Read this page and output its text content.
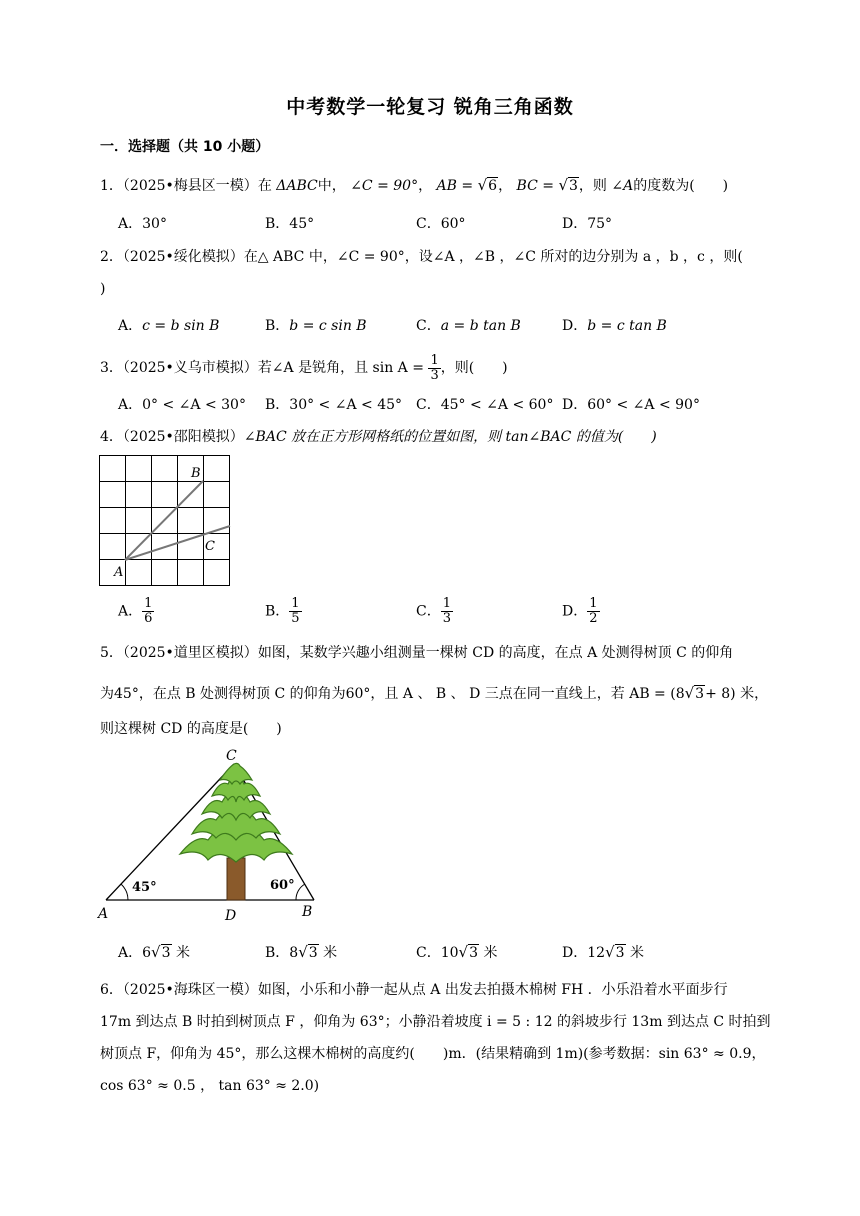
中考数学一轮复习 锐角三角函数
一．选择题（共 10 小题）
1．（2025•梅县区一模）在 ΔABC中， ∠C = 90°， AB = √6， BC = √3，则 ∠A的度数为(　　)
A．30°	B．45°	C．60°	D．75°
2．（2025•绥化模拟）在△ ABC 中，∠C = 90°，设∠A ，∠B ，∠C 所对的边分别为 a ，b ，c ，则(
)
A．c = b sin B	B．b = c sin B	C．a = b tan B	D．b = c tan B
3．（2025•义乌市模拟）若∠A 是锐角，且 $\sin A = \frac{1}{3}$ ，则(　　)
A．0° < ∠A < 30° B．30° < ∠A < 45° C．45° < ∠A < 60° D．60° < ∠A < 90°
4．（2025•邵阳模拟）∠BAC 放在正方形网格纸的位置如图，则 tan∠BAC 的值为(　　)
A
B
C
A． $\frac{1}{6}$	B． $\frac{1}{5}$	C． $\frac{1}{3}$	D． $\frac{1}{2}$
5．（2025•道里区模拟）如图，某数学兴趣小组测量一棵树 CD 的高度，在点 A 处测得树顶 C 的仰角
为45°，在点 B 处测得树顶 C 的仰角为60°，且 A 、 B 、 D 三点在同一直线上，若 AB = (8√3+ 8) 米，
则这棵树 CD 的高度是(　　)
C
A	D	B
45°	60°
A．6√3 米	B．8√3 米	C．10√3 米	D．12√3 米
6．（2025•海珠区一模）如图，小乐和小静一起从点 A 出发去拍摄木棉树 FH ．小乐沿着水平面步行
17m 到达点 B 时拍到树顶点 F ，仰角为 63°；小静沿着坡度 i = 5 : 12 的斜坡步行 13m 到达点 C 时拍到
树顶点 F，仰角为 45°，那么这棵木棉树的高度约(　　)m．(结果精确到 1m)(参考数据：sin 63° ≈ 0.9，
cos 63° ≈ 0.5 ， tan 63° ≈ 2.0)
